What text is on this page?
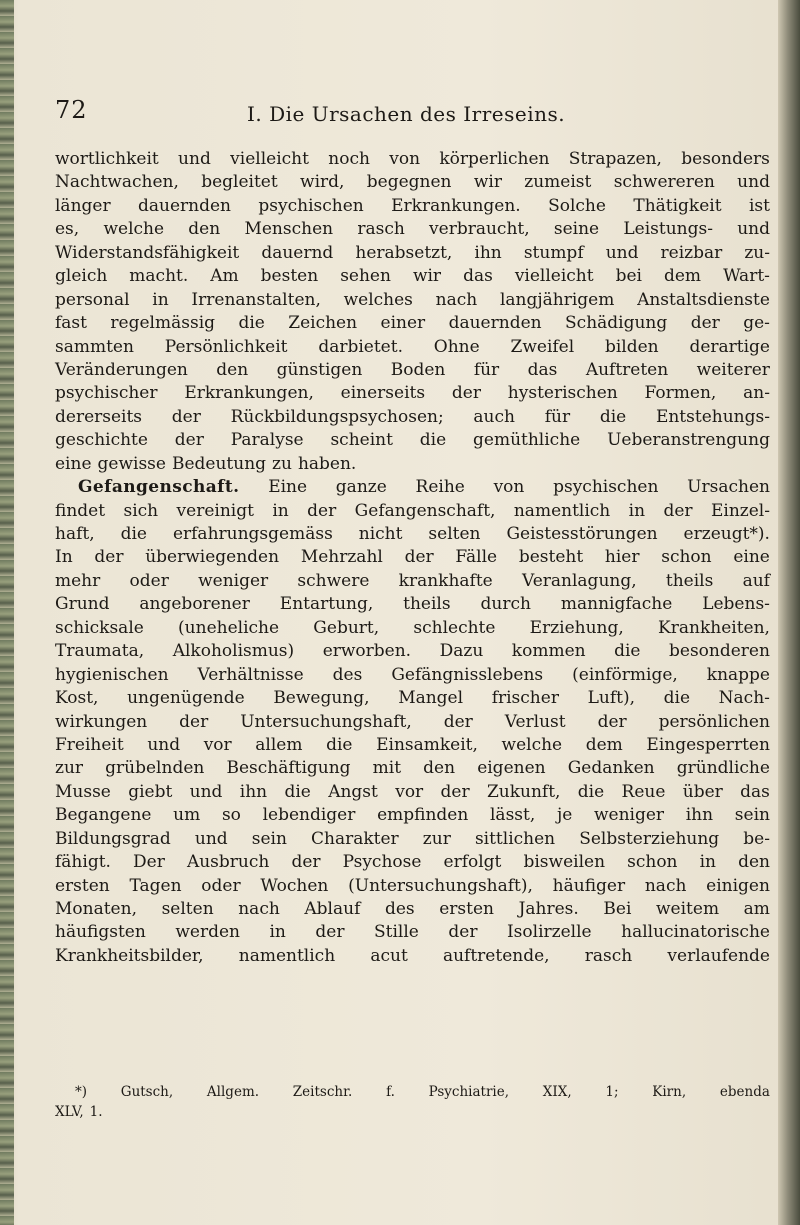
72	I. Die Ursachen des Irreseins.
wortlichkeit und vielleicht noch von körperlichen Strapazen, besonders
Nachtwachen, begleitet wird, begegnen wir zumeist schwereren und
länger dauernden psychischen Erkrankungen. Solche Thätigkeit ist
es, welche den Menschen rasch verbraucht, seine Leistungs- und
Widerstandsfähigkeit dauernd herabsetzt, ihn stumpf und reizbar zu-
gleich macht. Am besten sehen wir das vielleicht bei dem Wart-
personal in Irrenanstalten, welches nach langjährigem Anstaltsdienste
fast regelmässig die Zeichen einer dauernden Schädigung der ge-
sammten Persönlichkeit darbietet. Ohne Zweifel bilden derartige
Veränderungen den günstigen Boden für das Auftreten weiterer
psychischer Erkrankungen, einerseits der hysterischen Formen, an-
dererseits der Rückbildungspsychosen; auch für die Entstehungs-
geschichte der Paralyse scheint die gemüthliche Ueberanstrengung
eine gewisse Bedeutung zu haben.
Gefangenschaft. Eine ganze Reihe von psychischen Ursachen
findet sich vereinigt in der Gefangenschaft, namentlich in der Einzel-
haft, die erfahrungsgemäss nicht selten Geistesstörungen erzeugt*).
In der überwiegenden Mehrzahl der Fälle besteht hier schon eine
mehr oder weniger schwere krankhafte Veranlagung, theils auf
Grund angeborener Entartung, theils durch mannigfache Lebens-
schicksale (uneheliche Geburt, schlechte Erziehung, Krankheiten,
Traumata, Alkoholismus) erworben. Dazu kommen die besonderen
hygienischen Verhältnisse des Gefängnisslebens (einförmige, knappe
Kost, ungenügende Bewegung, Mangel frischer Luft), die Nach-
wirkungen der Untersuchungshaft, der Verlust der persönlichen
Freiheit und vor allem die Einsamkeit, welche dem Eingesperrten
zur grübelnden Beschäftigung mit den eigenen Gedanken gründliche
Musse giebt und ihn die Angst vor der Zukunft, die Reue über das
Begangene um so lebendiger empfinden lässt, je weniger ihn sein
Bildungsgrad und sein Charakter zur sittlichen Selbsterziehung be-
fähigt. Der Ausbruch der Psychose erfolgt bisweilen schon in den
ersten Tagen oder Wochen (Untersuchungshaft), häufiger nach einigen
Monaten, selten nach Ablauf des ersten Jahres. Bei weitem am
häufigsten werden in der Stille der Isolirzelle hallucinatorische
Krankheitsbilder, namentlich acut auftretende, rasch verlaufende
*)	Gutsch,	Allgem.	Zeitschr.	f.	Psychiatrie,	XIX,	1;	Kirn,	ebenda
XLV, 1.
